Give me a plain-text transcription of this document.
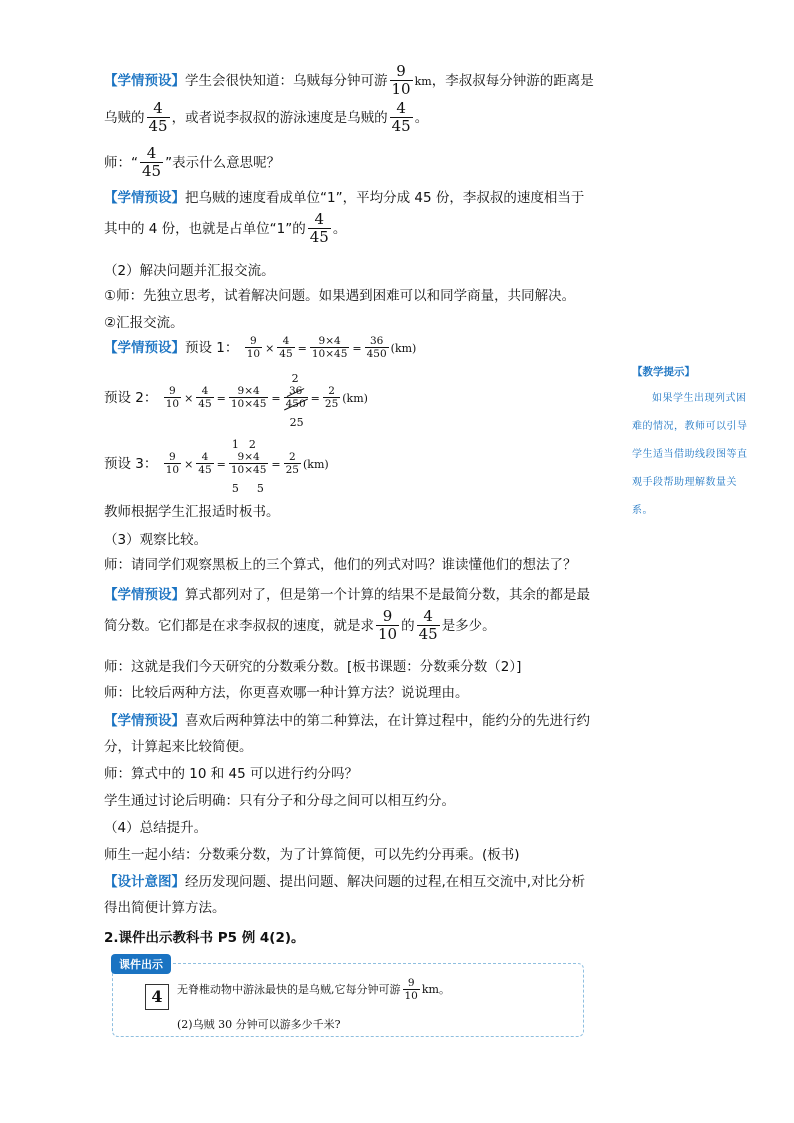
【学情预设】学生会很快知道：乌贼每分钟可游 $\frac{9}{10}$ km，李叔叔每分钟游的距离是
乌贼的 $\frac{4}{45}$ ，或者说李叔叔的游泳速度是乌贼的 $\frac{4}{45}$ 。
师：“ $\frac{4}{45}$ ”表示什么意思呢？
【学情预设】把乌贼的速度看成单位“1”，平均分成 45 份，李叔叔的速度相当于
其中的 4 份，也就是占单位“1”的 $\frac{4}{45}$ 。
（2）解决问题并汇报交流。
①师：先独立思考，试着解决问题。如果遇到困难可以和同学商量，共同解决。
②汇报交流。
【学情预设】预设 1： $\frac{9}{10} \times \frac{4}{45} = \frac{9\times 4}{10\times 45} = \frac{36}{450} (km)$
预设 2： $\frac{9}{10} \times \frac{4}{45} = \frac{9\times 4}{10\times 45}$ =
36
450
2
25
= $\frac{2}{25} (km)$
预设 3： $\frac{9}{10} \times \frac{4}{45}$ =
9×4
10×45
1 2
5 5
= $\frac{2}{25} (km)$
教师根据学生汇报适时板书。
（3）观察比较。
师：请同学们观察黑板上的三个算式，他们的列式对吗？谁读懂他们的想法了？
【学情预设】算式都列对了，但是第一个计算的结果不是最简分数，其余的都是最
简分数。它们都是在求李叔叔的速度，就是求 $\frac{9}{10}$ 的 $\frac{4}{45}$ 是多少。
师：这就是我们今天研究的分数乘分数。[板书课题：分数乘分数（2）]
师：比较后两种方法，你更喜欢哪一种计算方法？说说理由。
【学情预设】喜欢后两种算法中的第二种算法，在计算过程中，能约分的先进行约
分，计算起来比较简便。
师：算式中的 10 和 45 可以进行约分吗？
学生通过讨论后明确：只有分子和分母之间可以相互约分。
（4）总结提升。
师生一起小结：分数乘分数，为了计算简便，可以先约分再乘。(板书)
【设计意图】经历发现问题、提出问题、解决问题的过程,在相互交流中,对比分析
得出简便计算方法。
2.课件出示教科书 P5 例 4(2)。
课件出示
4	无脊椎动物中游泳最快的是乌贼,它每分钟可游 $\frac{9}{10}$ km。
(2)乌贼 30 分钟可以游多少千米?
【教学提示】
如果学生出现列式困难的情况，教师可以引导学生适当借助线段图等直观手段帮助理解数量关系。
